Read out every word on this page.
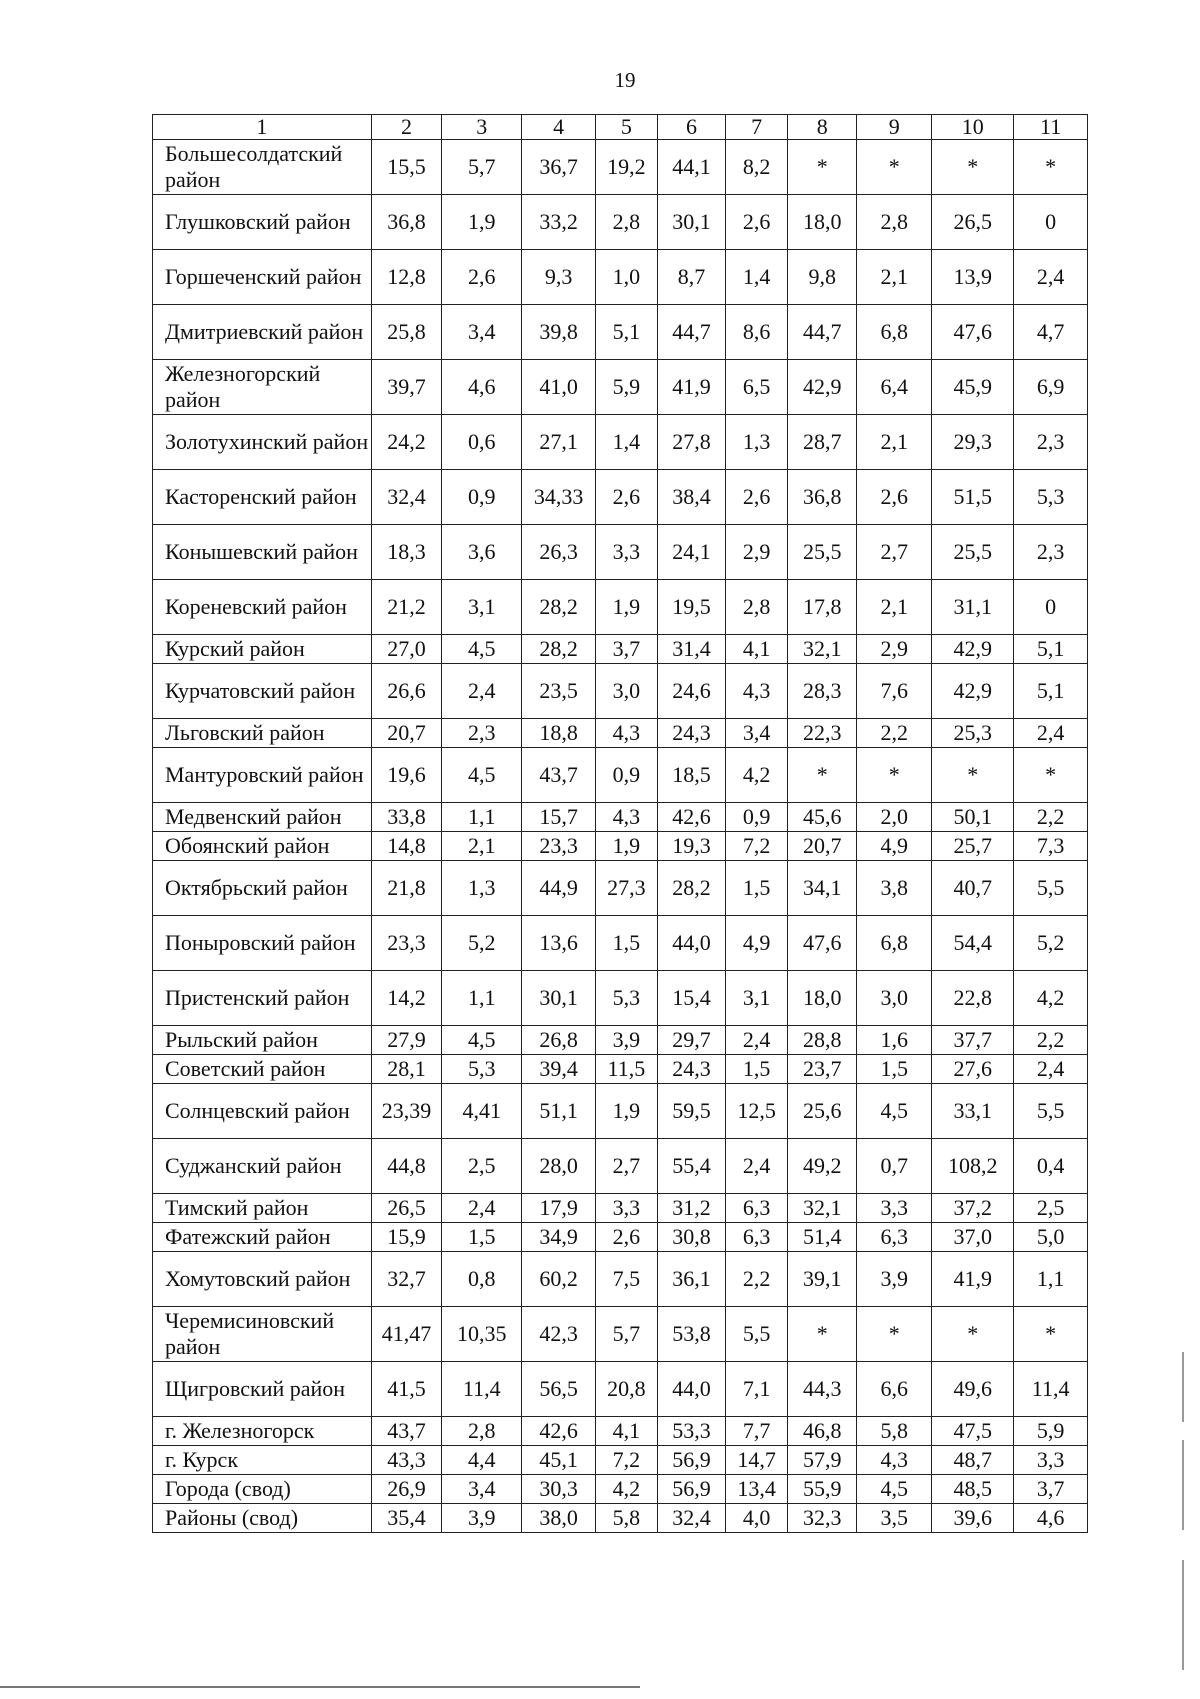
19
1	2	3	4	5	6	7	8	9	10	11
Большесолдатский район	15,5	5,7	36,7	19,2	44,1	8,2	*	*	*	*
Глушковский район	36,8	1,9	33,2	2,8	30,1	2,6	18,0	2,8	26,5	0
Горшеченский район	12,8	2,6	9,3	1,0	8,7	1,4	9,8	2,1	13,9	2,4
Дмитриевский район	25,8	3,4	39,8	5,1	44,7	8,6	44,7	6,8	47,6	4,7
Железногорский район	39,7	4,6	41,0	5,9	41,9	6,5	42,9	6,4	45,9	6,9
Золотухинский район	24,2	0,6	27,1	1,4	27,8	1,3	28,7	2,1	29,3	2,3
Касторенский район	32,4	0,9	34,33	2,6	38,4	2,6	36,8	2,6	51,5	5,3
Конышевский район	18,3	3,6	26,3	3,3	24,1	2,9	25,5	2,7	25,5	2,3
Кореневский район	21,2	3,1	28,2	1,9	19,5	2,8	17,8	2,1	31,1	0
Курский район	27,0	4,5	28,2	3,7	31,4	4,1	32,1	2,9	42,9	5,1
Курчатовский район	26,6	2,4	23,5	3,0	24,6	4,3	28,3	7,6	42,9	5,1
Льговский район	20,7	2,3	18,8	4,3	24,3	3,4	22,3	2,2	25,3	2,4
Мантуровский район	19,6	4,5	43,7	0,9	18,5	4,2	*	*	*	*
Медвенский район	33,8	1,1	15,7	4,3	42,6	0,9	45,6	2,0	50,1	2,2
Обоянский район	14,8	2,1	23,3	1,9	19,3	7,2	20,7	4,9	25,7	7,3
Октябрьский район	21,8	1,3	44,9	27,3	28,2	1,5	34,1	3,8	40,7	5,5
Поныровский район	23,3	5,2	13,6	1,5	44,0	4,9	47,6	6,8	54,4	5,2
Пристенский район	14,2	1,1	30,1	5,3	15,4	3,1	18,0	3,0	22,8	4,2
Рыльский район	27,9	4,5	26,8	3,9	29,7	2,4	28,8	1,6	37,7	2,2
Советский район	28,1	5,3	39,4	11,5	24,3	1,5	23,7	1,5	27,6	2,4
Солнцевский район	23,39	4,41	51,1	1,9	59,5	12,5	25,6	4,5	33,1	5,5
Суджанский район	44,8	2,5	28,0	2,7	55,4	2,4	49,2	0,7	108,2	0,4
Тимский район	26,5	2,4	17,9	3,3	31,2	6,3	32,1	3,3	37,2	2,5
Фатежский район	15,9	1,5	34,9	2,6	30,8	6,3	51,4	6,3	37,0	5,0
Хомутовский район	32,7	0,8	60,2	7,5	36,1	2,2	39,1	3,9	41,9	1,1
Черемисиновский район	41,47	10,35	42,3	5,7	53,8	5,5	*	*	*	*
Щигровский район	41,5	11,4	56,5	20,8	44,0	7,1	44,3	6,6	49,6	11,4
г. Железногорск	43,7	2,8	42,6	4,1	53,3	7,7	46,8	5,8	47,5	5,9
г. Курск	43,3	4,4	45,1	7,2	56,9	14,7	57,9	4,3	48,7	3,3
Города (свод)	26,9	3,4	30,3	4,2	56,9	13,4	55,9	4,5	48,5	3,7
Районы (свод)	35,4	3,9	38,0	5,8	32,4	4,0	32,3	3,5	39,6	4,6
